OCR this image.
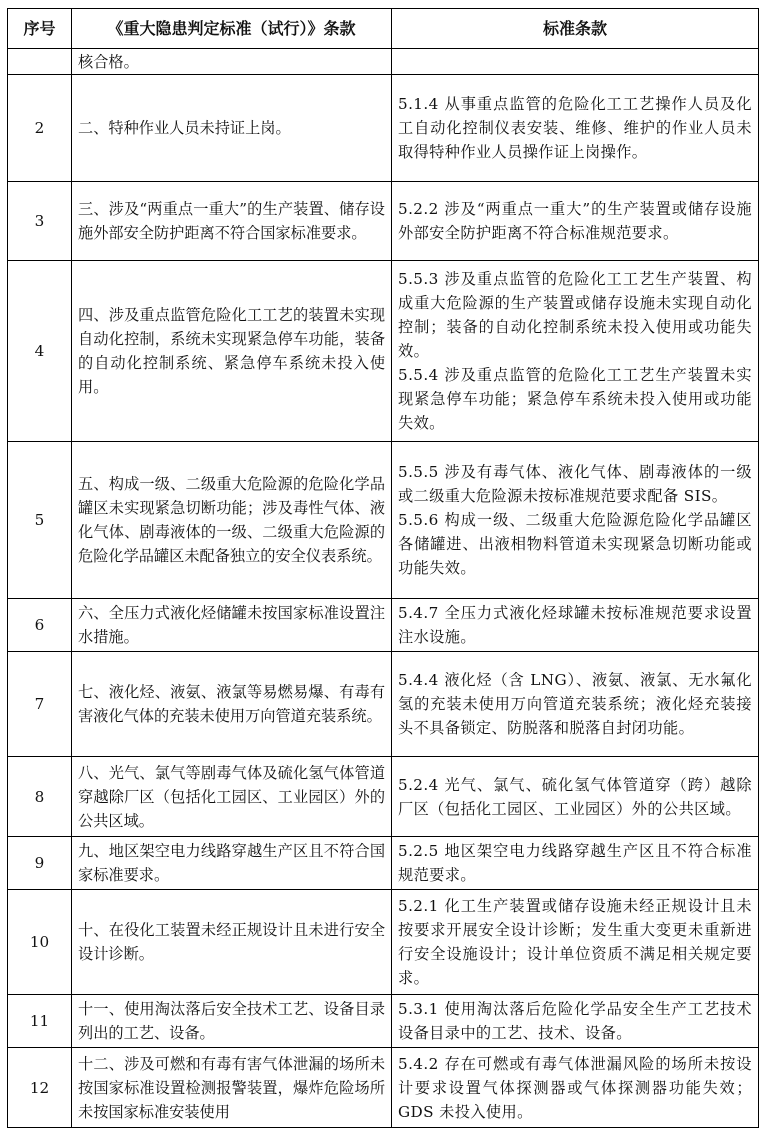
序号	《重大隐患判定标准（试行）》条款	标准条款
	核合格。	
2	二、特种作业人员未持证上岗。	5.1.4 从事重点监管的危险化工工艺操作人员及化工自动化控制仪表安装、维修、维护的作业人员未取得特种作业人员操作证上岗操作。

3	三、涉及“两重点一重大”的生产装置、储存设施外部安全防护距离不符合国家标准要求。	5.2.2 涉及“两重点一重大”的生产装置或储存设施外部安全防护距离不符合标准规范要求。

4	四、涉及重点监管危险化工工艺的装置未实现自动化控制，系统未实现紧急停车功能，装备的自动化控制系统、紧急停车系统未投入使用。	5.5.3 涉及重点监管的危险化工工艺生产装置、构成重大危险源的生产装置或储存设施未实现自动化控制；装备的自动化控制系统未投入使用或功能失效。
5.5.4 涉及重点监管的危险化工工艺生产装置未实现紧急停车功能；紧急停车系统未投入使用或功能失效。

5	五、构成一级、二级重大危险源的危险化学品罐区未实现紧急切断功能；涉及毒性气体、液化气体、剧毒液体的一级、二级重大危险源的危险化学品罐区未配备独立的安全仪表系统。	5.5.5 涉及有毒气体、液化气体、剧毒液体的一级或二级重大危险源未按标准规范要求配备 SIS。
5.5.6 构成一级、二级重大危险源危险化学品罐区各储罐进、出液相物料管道未实现紧急切断功能或功能失效。

6	六、全压力式液化烃储罐未按国家标准设置注水措施。	5.4.7 全压力式液化烃球罐未按标准规范要求设置注水设施。

7	七、液化烃、液氨、液氯等易燃易爆、有毒有害液化气体的充装未使用万向管道充装系统。	5.4.4 液化烃（含 LNG）、液氨、液氯、无水氟化氢的充装未使用万向管道充装系统；液化烃充装接头不具备锁定、防脱落和脱落自封闭功能。

8	八、光气、氯气等剧毒气体及硫化氢气体管道穿越除厂区（包括化工园区、工业园区）外的公共区域。	5.2.4 光气、氯气、硫化氢气体管道穿（跨）越除厂区（包括化工园区、工业园区）外的公共区域。

9	九、地区架空电力线路穿越生产区且不符合国家标准要求。	5.2.5 地区架空电力线路穿越生产区且不符合标准规范要求。

10	十、在役化工装置未经正规设计且未进行安全设计诊断。	5.2.1 化工生产装置或储存设施未经正规设计且未按要求开展安全设计诊断；发生重大变更未重新进行安全设施设计；设计单位资质不满足相关规定要求。

11	十一、使用淘汰落后安全技术工艺、设备目录列出的工艺、设备。	5.3.1 使用淘汰落后危险化学品安全生产工艺技术设备目录中的工艺、技术、设备。

12	十二、涉及可燃和有毒有害气体泄漏的场所未按国家标准设置检测报警装置，爆炸危险场所未按国家标准安装使用	5.4.2 存在可燃或有毒气体泄漏风险的场所未按设计要求设置气体探测器或气体探测器功能失效；GDS 未投入使用。
